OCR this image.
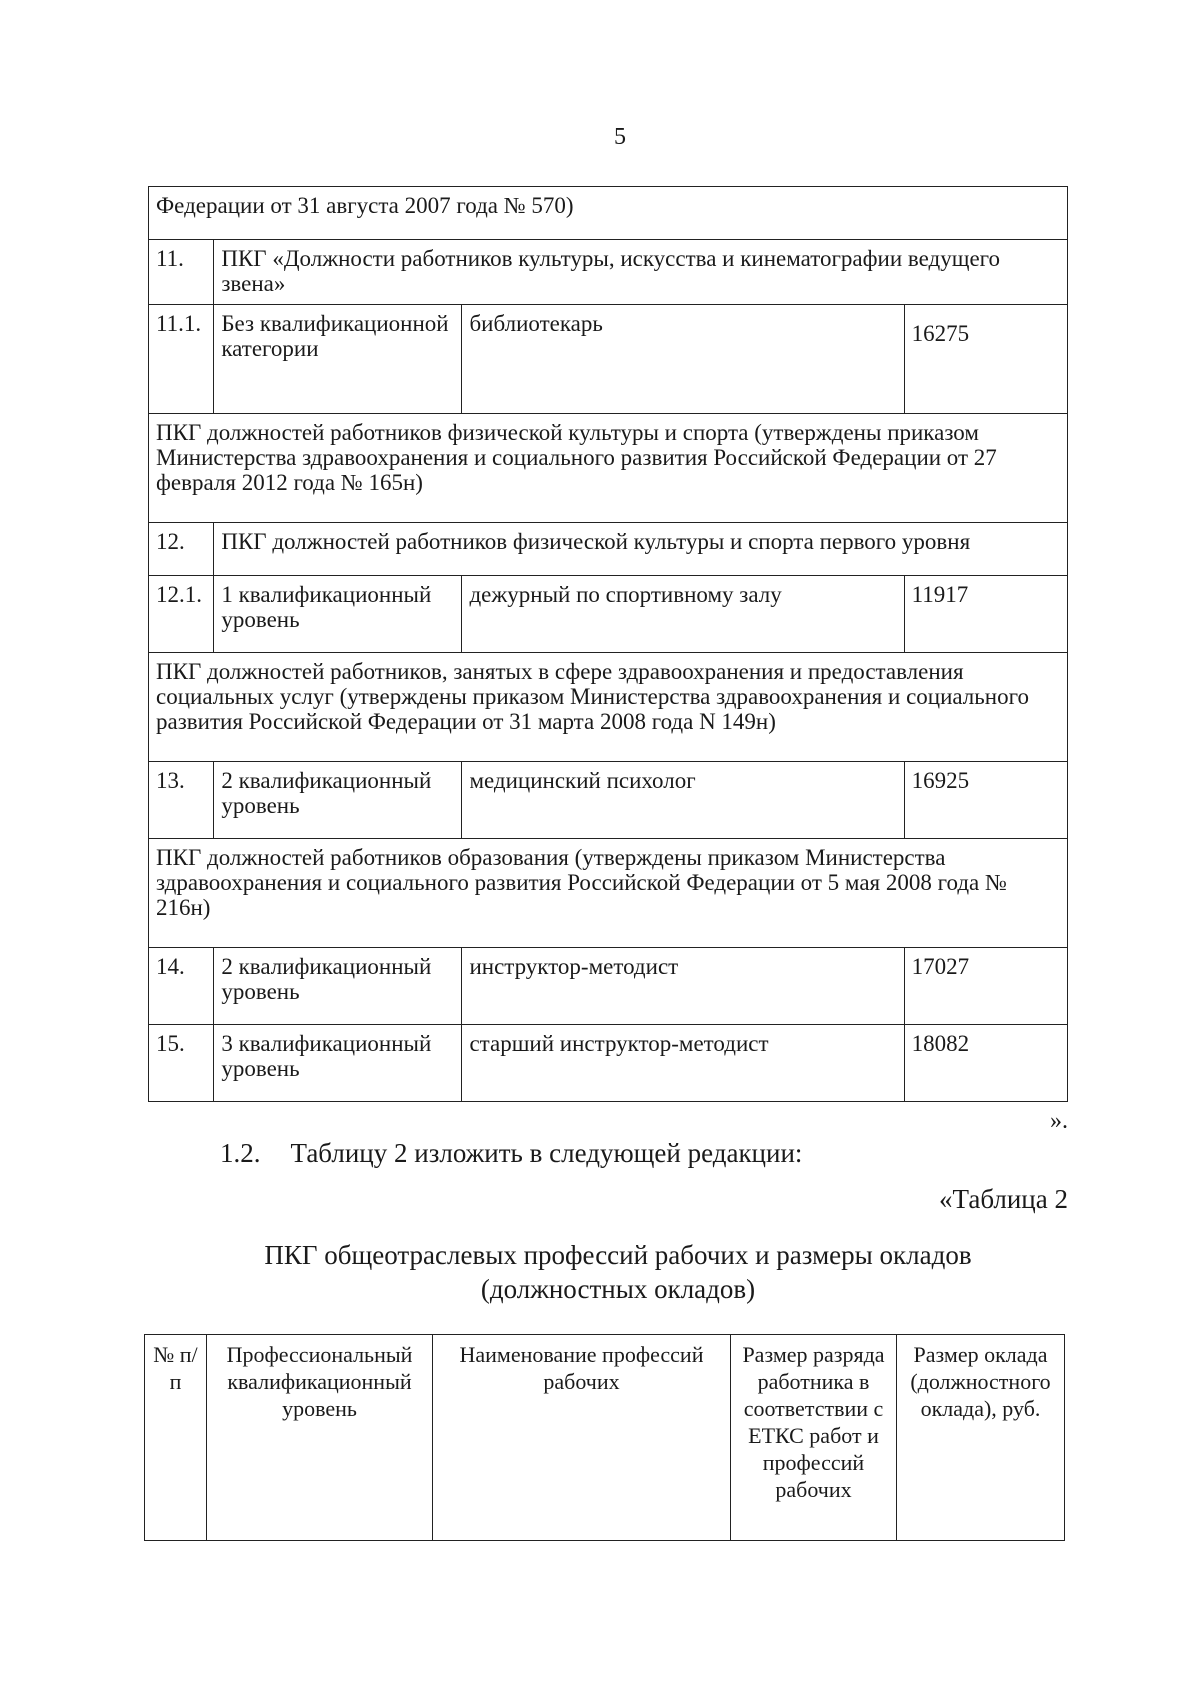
5
Федерации от 31 августа 2007 года № 570)			
11.	ПКГ «Должности работников культуры, искусства и кинематографии ведущего звена»		
11.1.	Без квалификационной категории	библиотекарь	16275

ПКГ должностей работников физической культуры и спорта (утверждены приказом Министерства здравоохранения и социального развития Российской Федерации от 27 февраля 2012 года № 165н)			
12.	ПКГ должностей работников физической культуры и спорта первого уровня		
12.1.	1 квалификационный уровень	дежурный по спортивному залу	11917
ПКГ должностей работников, занятых в сфере здравоохранения и предоставления социальных услуг (утверждены приказом Министерства здравоохранения и социального развития Российской Федерации от 31 марта 2008 года N 149н)			
13.	2 квалификационный уровень	медицинский психолог	16925
ПКГ должностей работников образования (утверждены приказом Министерства здравоохранения и социального развития Российской Федерации от 5 мая 2008 года № 216н)			
14.	2 квалификационный уровень	инструктор-методист	17027
15.	3 квалификационный уровень	старший инструктор-методист	18082
».
1.2. Таблицу 2 изложить в следующей редакции:
«Таблица 2
ПКГ общеотраслевых профессий рабочих и размеры окладов
(должностных окладов)
№ п/п	Профессиональный квалификационный уровень	Наименование профессий рабочих	Размер разряда работника в соответствии с ЕТКС работ и профессий рабочих	Размер оклада (должностного оклада), руб.
